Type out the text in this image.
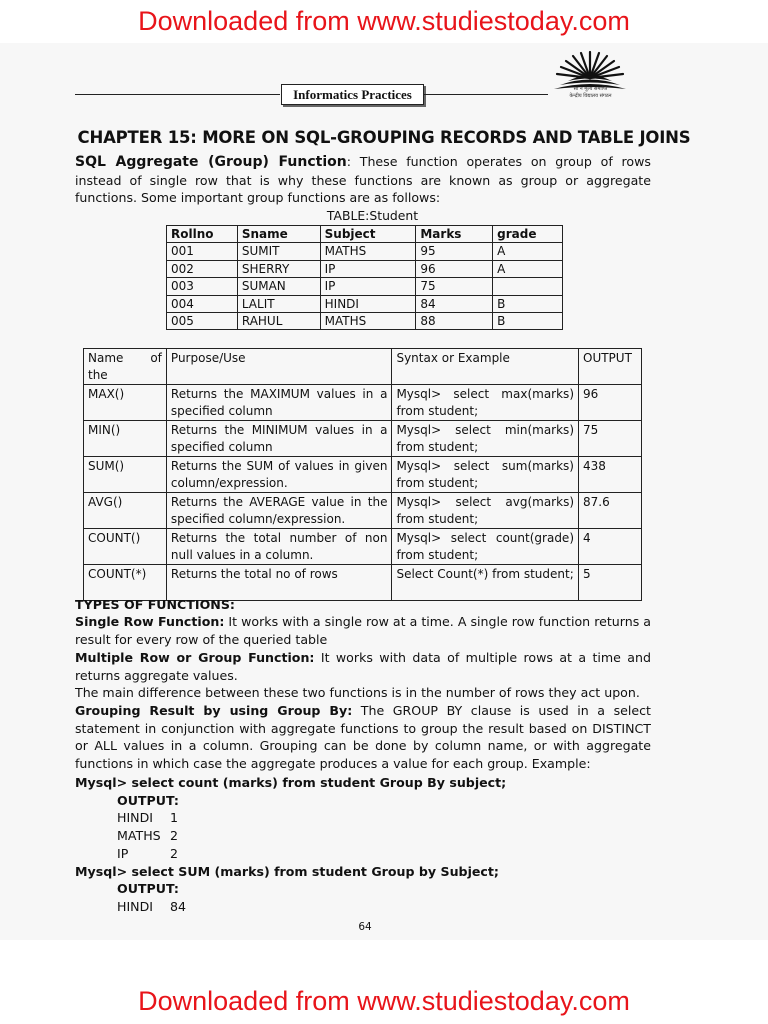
Downloaded from www.studiestoday.com
Informatics Practices	सा न मूल्य समाप्ति
केन्द्रीय विद्यालय संगठन
CHAPTER 15: MORE ON SQL-GROUPING RECORDS AND TABLE JOINS
SQL Aggregate (Group) Function: These function operates on group of rows instead of single row that is why these functions are known as group or aggregate functions. Some important group functions are as follows:
TABLE:Student
Rollno	Sname	Subject	Marks	grade
001	SUMIT	MATHS	95	A
002	SHERRY	IP	96	A
003	SUMAN	IP	75	
004	LALIT	HINDI	84	B
005	RAHUL	MATHS	88	B
Name of the	Purpose/Use	Syntax or Example	OUTPUT
MAX()	Returns the MAXIMUM values in a specified column	Mysql> select max(marks) from student;	96
MIN()	Returns the MINIMUM values in a specified column	Mysql> select min(marks) from student;	75
SUM()	Returns the SUM of values in given column/expression.	Mysql> select sum(marks) from student;	438
AVG()	Returns the AVERAGE value in the specified column/expression.	Mysql> select avg(marks) from student;	87.6
COUNT()	Returns the total number of non null values in a column.	Mysql> select count(grade) from student;	4
COUNT(*)	Returns the total no of rows	Select Count(*) from student;	5
TYPES OF FUNCTIONS:
Single Row Function: It works with a single row at a time. A single row function returns a result for every row of the queried table
Multiple Row or Group Function: It works with data of multiple rows at a time and returns aggregate values.
The main difference between these two functions is in the number of rows they act upon.
Grouping Result by using Group By: The GROUP BY clause is used in a select statement in conjunction with aggregate functions to group the result based on DISTINCT or ALL values in a column. Grouping can be done by column name, or with aggregate functions in which case the aggregate produces a value for each group. Example:
Mysql> select count (marks) from student Group By subject;
OUTPUT:
HINDI 1
MATHS 2
IP	2
Mysql> select SUM (marks) from student Group by Subject;
OUTPUT:
HINDI 84
64
Downloaded from www.studiestoday.com
